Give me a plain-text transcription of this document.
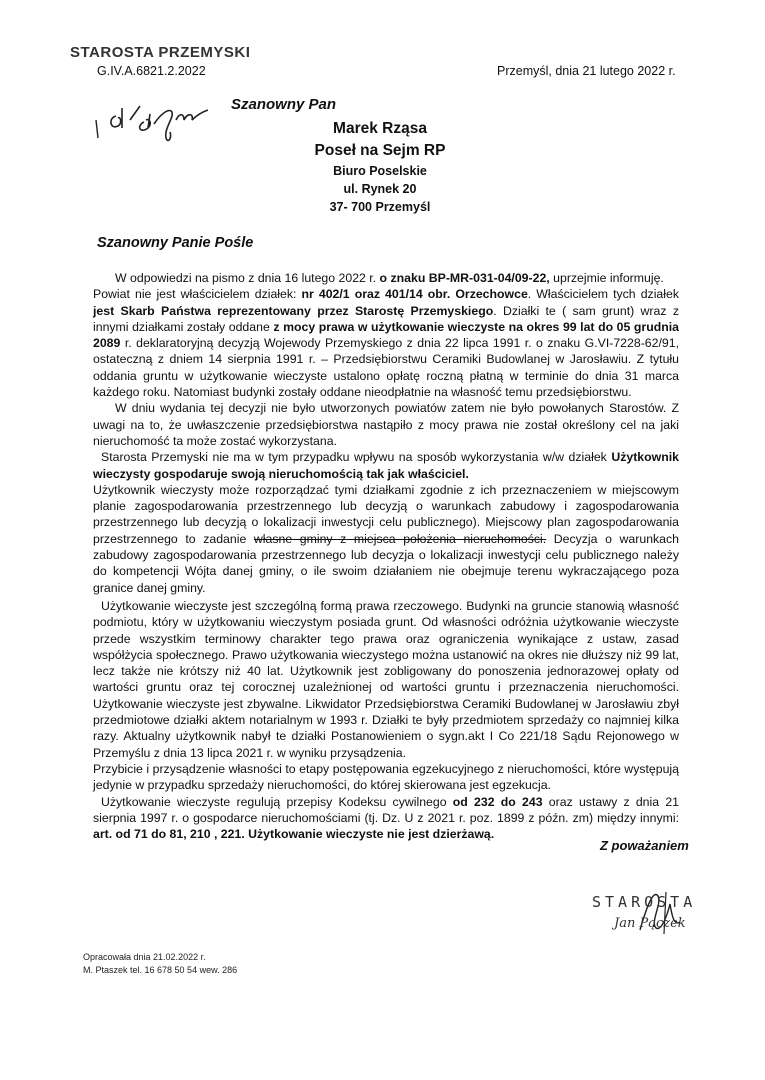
STAROSTA PRZEMYSKI
G.IV.A.6821.2.2022	Przemyśl, dnia 21 lutego 2022 r.
Szanowny Pan
Marek Rząsa
Poseł na Sejm RP
Biuro Poselskie
ul. Rynek 20
37- 700 Przemyśl
Szanowny Panie Pośle

W odpowiedzi na pismo z dnia 16 lutego 2022 r. o znaku BP-MR-031-04/09-22, uprzejmie informuję.

Powiat nie jest właścicielem działek: nr 402/1 oraz 401/14 obr. Orzechowce. Właścicielem tych działek jest Skarb Państwa reprezentowany przez Starostę Przemyskiego. Działki te ( sam grunt) wraz z innymi działkami zostały oddane z mocy prawa w użytkowanie wieczyste na okres 99 lat do 05 grudnia 2089 r. deklaratoryjną decyzją Wojewody Przemyskiego z dnia 22 lipca 1991 r. o znaku G.VI-7228-62/91, ostateczną z dniem 14 sierpnia 1991 r. – Przedsiębiorstwu Ceramiki Budowlanej w Jarosławiu. Z tytułu oddania gruntu w użytkowanie wieczyste ustalono opłatę roczną płatną w terminie do dnia 31 marca każdego roku. Natomiast budynki zostały oddane nieodpłatnie na własność temu przedsiębiorstwu.

W dniu wydania tej decyzji nie było utworzonych powiatów zatem nie było powołanych Starostów. Z uwagi na to, że uwłaszczenie przedsiębiorstwa nastąpiło z mocy prawa nie został określony cel na jaki nieruchomość ta może zostać wykorzystana.

Starosta Przemyski nie ma w tym przypadku wpływu na sposób wykorzystania w/w działek Użytkownik wieczysty gospodaruje swoją nieruchomością tak jak właściciel.

Użytkownik wieczysty może rozporządzać tymi działkami zgodnie z ich przeznaczeniem w miejscowym planie zagospodarowania przestrzennego lub decyzją o warunkach zabudowy i zagospodarowania przestrzennego lub decyzją o lokalizacji inwestycji celu publicznego). Miejscowy plan zagospodarowania przestrzennego to zadanie własne gminy z miejsca położenia nieruchomości. Decyzja o warunkach zabudowy zagospodarowania przestrzennego lub decyzja o lokalizacji inwestycji celu publicznego należy do kompetencji Wójta danej gminy, o ile swoim działaniem nie obejmuje terenu wykraczającego poza granice danej gminy.

Użytkowanie wieczyste jest szczególną formą prawa rzeczowego. Budynki na gruncie stanowią własność podmiotu, który w użytkowaniu wieczystym posiada grunt. Od własności odróżnia użytkowanie wieczyste przede wszystkim terminowy charakter tego prawa oraz ograniczenia wynikające z ustaw, zasad współżycia społecznego. Prawo użytkowania wieczystego można ustanowić na okres nie dłuższy niż 99 lat, lecz także nie krótszy niż 40 lat. Użytkownik jest zobligowany do ponoszenia jednorazowej opłaty od wartości gruntu oraz tej corocznej uzależnionej od wartości gruntu i przeznaczenia nieruchomości. Użytkowanie wieczyste jest zbywalne. Likwidator Przedsiębiorstwa Ceramiki Budowlanej w Jarosławiu zbył przedmiotowe działki aktem notarialnym w 1993 r. Działki te były przedmiotem sprzedaży co najmniej kilka razy. Aktualny użytkownik nabył te działki Postanowieniem o sygn.akt I Co 221/18 Sądu Rejonowego w Przemyślu z dnia 13 lipca 2021 r. w wyniku przysądzenia.

Przybicie i przysądzenie własności to etapy postępowania egzekucyjnego z nieruchomości, które występują jedynie w przypadku sprzedaży nieruchomości, do której skierowana jest egzekucja.

Użytkowanie wieczyste regulują przepisy Kodeksu cywilnego od 232 do 243 oraz ustawy z dnia 21 sierpnia 1997 r. o gospodarce nieruchomościami (tj. Dz. U z 2021 r. poz. 1899 z późn. zm) między innymi: art. od 71 do 81, 210 , 221. Użytkowanie wieczyste nie jest dzierżawą.

Z poważaniem
STAROSTA
Jan Pączek
Opracowała dnia 21.02.2022 r.
M. Ptaszek tel. 16 678 50 54 wew. 286
